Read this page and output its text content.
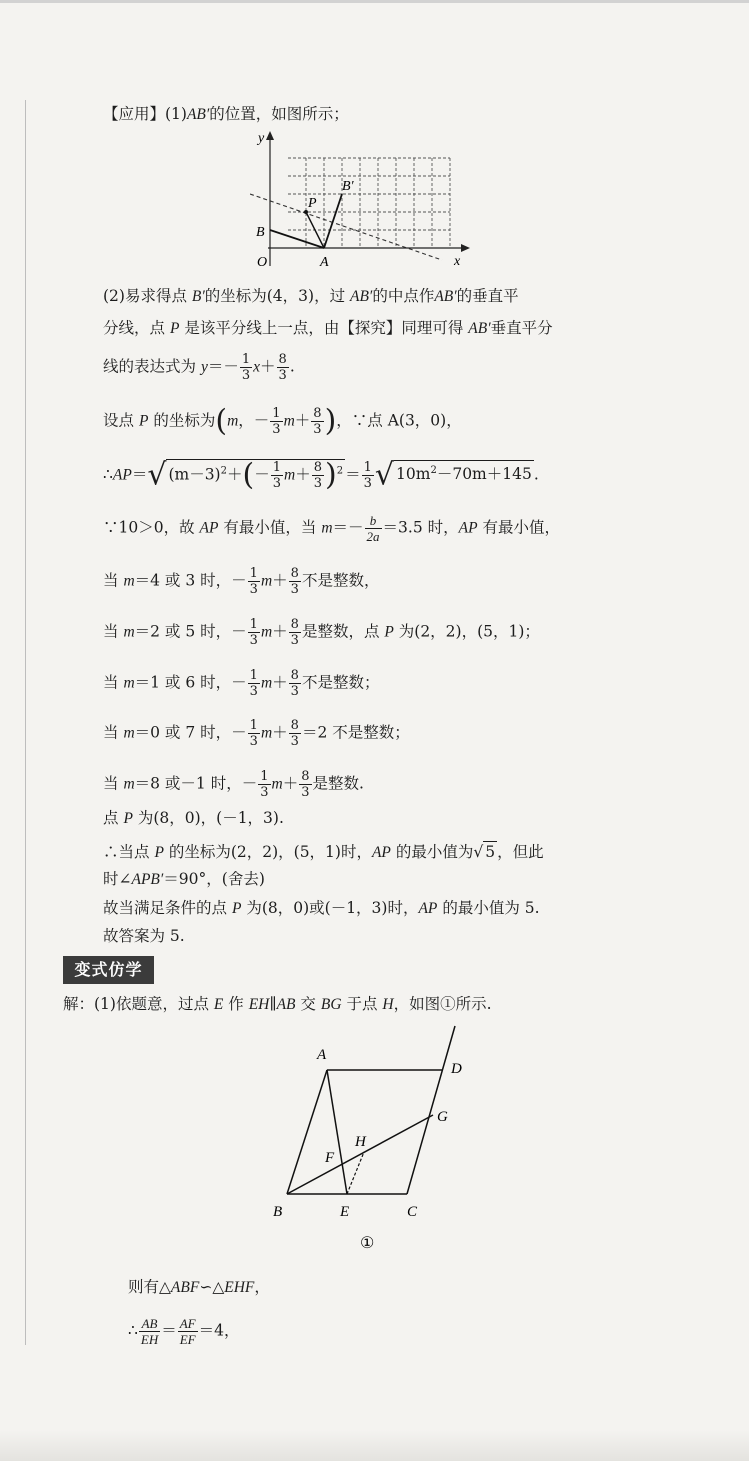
【应用】(1)AB′的位置，如图所示；
y
x
O	A
B
B′
P
(2)易求得点 B′的坐标为(4，3)，过 AB′的中点作AB′的垂直平
分线，点 P 是该平分线上一点，由【探究】同理可得 AB′垂直平分
线的表达式为 $y=- \frac{1}{3} x+ \frac{8}{3}$ .
设点 P 的坐标为(m，－ $\frac{1}{3} m+ \frac{8}{3}$ )，∵点 A(3，0)，
∴AP＝√ $(m-3)^2+(- \frac{1}{3} m+ \frac{8}{3} )^2 = \frac{1}{3}$ √ $10m^2-70m+145$ .
∵10＞0，故 AP 有最小值，当 $m=- \frac{b}{2a} =3.5$ 时，AP 有最小值，
当 m＝4 或 3 时，－ $\frac{1}{3} m+ \frac{8}{3}$ 不是整数，
当 m＝2 或 5 时，－ $\frac{1}{3} m+ \frac{8}{3}$ 是整数，点 P 为(2，2)，(5，1)；
当 m＝1 或 6 时，－ $\frac{1}{3} m+ \frac{8}{3}$ 不是整数；
当 m＝0 或 7 时，－ $\frac{1}{3} m+ \frac{8}{3} =2$ 不是整数；
当 m＝8 或－1 时，－ $\frac{1}{3} m+ \frac{8}{3}$ 是整数.
点 P 为(8，0)，(－1，3).
∴当点 P 的坐标为(2，2)，(5，1)时，AP 的最小值为√ 5 ，但此
时∠APB′＝90°，(舍去)
故当满足条件的点 P 为(8，0)或(－1，3)时，AP 的最小值为 5.
故答案为 5.
变式仿学
解：(1)依题意，过点 E 作 EH∥AB 交 BG 于点 H，如图①所示.
A
D
G
H
F
B	E	C
①
则有△ABF∽△EHF，
∴ $\frac{AB}{EH} = \frac{AF}{EF} =4$，
